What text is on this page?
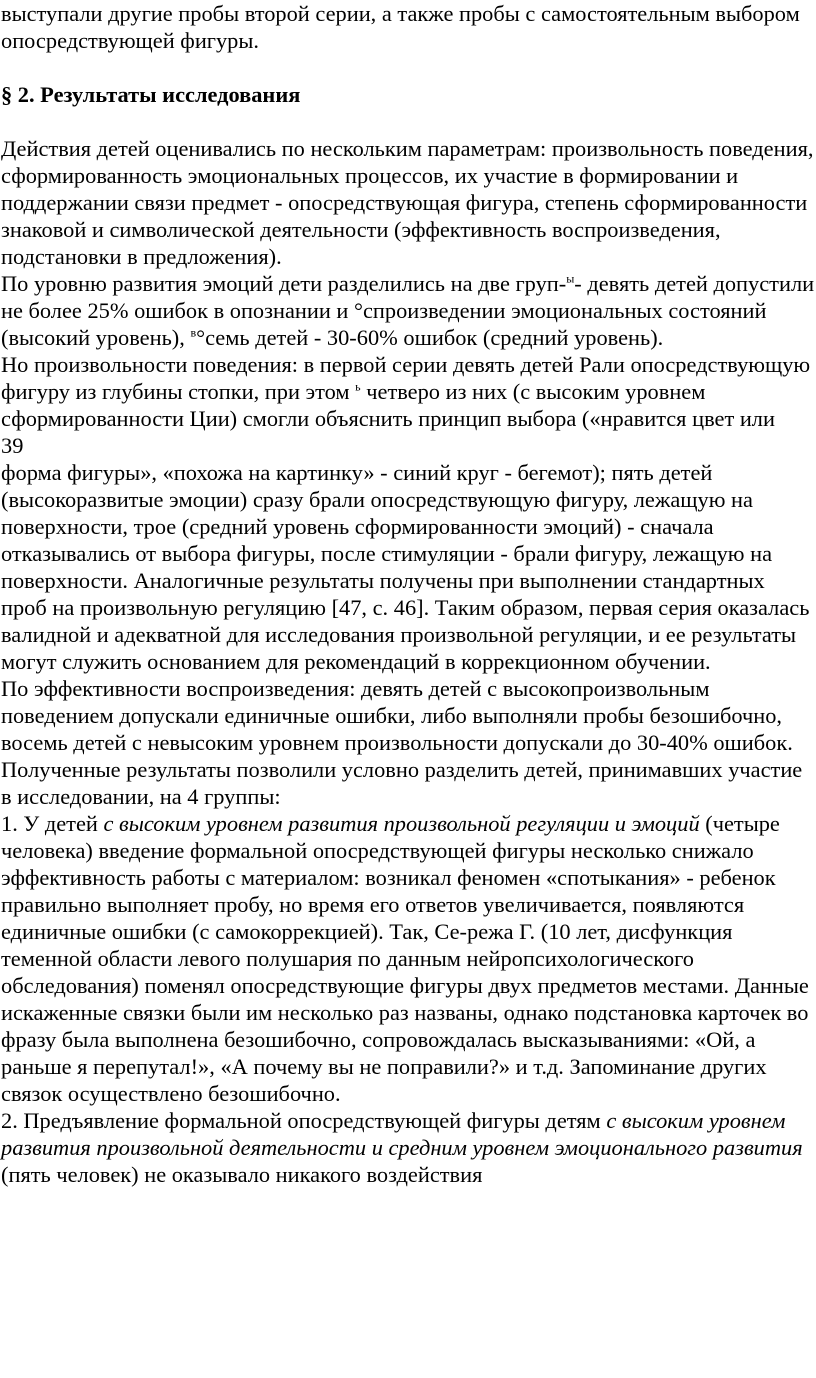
выступали другие пробы второй серии, а также пробы с самостоятельным выбором опосредствующей фигуры.

§ 2. Результаты исследования

Действия детей оценивались по нескольким параметрам: произвольность поведения, сформированность эмоциональных процессов, их участие в формировании и поддержании связи предмет - опосредствующая фигура, степень сформированности знаковой и символической деятельности (эффективность воспроизведения, подстановки в предложения).

По уровню развития эмоций дети разделились на две груп-$^ы$- девять детей допустили не более 25% ошибок в опознании и °спроизведении эмоциональных состояний (высокий уровень), $^в$°семь детей - 30-60% ошибок (средний уровень).

Но произвольности поведения: в первой серии девять детей Рали опосредствующую фигуру из глубины стопки, при этом $^ь$ четверо из них (с высоким уровнем сформированности Ции) смогли объяснить принцип выбора («нравится цвет или

39

форма фигуры», «похожа на картинку» - синий круг - бегемот); пять детей (высокоразвитые эмоции) сразу брали опосредствующую фигуру, лежащую на поверхности, трое (средний уровень сформированности эмоций) - сначала отказывались от выбора фигуры, после стимуляции - брали фигуру, лежащую на поверхности. Аналогичные результаты получены при выполнении стандартных проб на произвольную регуляцию [47, с. 46]. Таким образом, первая серия оказалась валидной и адекватной для исследования произвольной регуляции, и ее результаты могут служить основанием для рекомендаций в коррекционном обучении.

По эффективности воспроизведения: девять детей с высокопроизвольным поведением допускали единичные ошибки, либо выполняли пробы безошибочно, восемь детей с невысоким уровнем произвольности допускали до 30-40% ошибок.

Полученные результаты позволили условно разделить детей, принимавших участие в исследовании, на 4 группы:

1. У детей с высоким уровнем развития произвольной регуляции и эмоций (четыре человека) введение формальной опосредствующей фигуры несколько снижало эффективность работы с материалом: возникал феномен «спотыкания» - ребенок правильно выполняет пробу, но время его ответов увеличивается, появляются единичные ошибки (с самокоррекцией). Так, Се-режа Г. (10 лет, дисфункция теменной области левого полушария по данным нейропсихологического обследования) поменял опосредствующие фигуры двух предметов местами. Данные искаженные связки были им несколько раз названы, однако подстановка карточек во фразу была выполнена безошибочно, сопровождалась высказываниями: «Ой, а раньше я перепутал!», «А почему вы не поправили?» и т.д. Запоминание других связок осуществлено безошибочно.

2. Предъявление формальной опосредствующей фигуры детям с высоким уровнем развития произвольной деятельности и средним уровнем эмоционального развития (пять человек) не оказывало никакого воздействия
